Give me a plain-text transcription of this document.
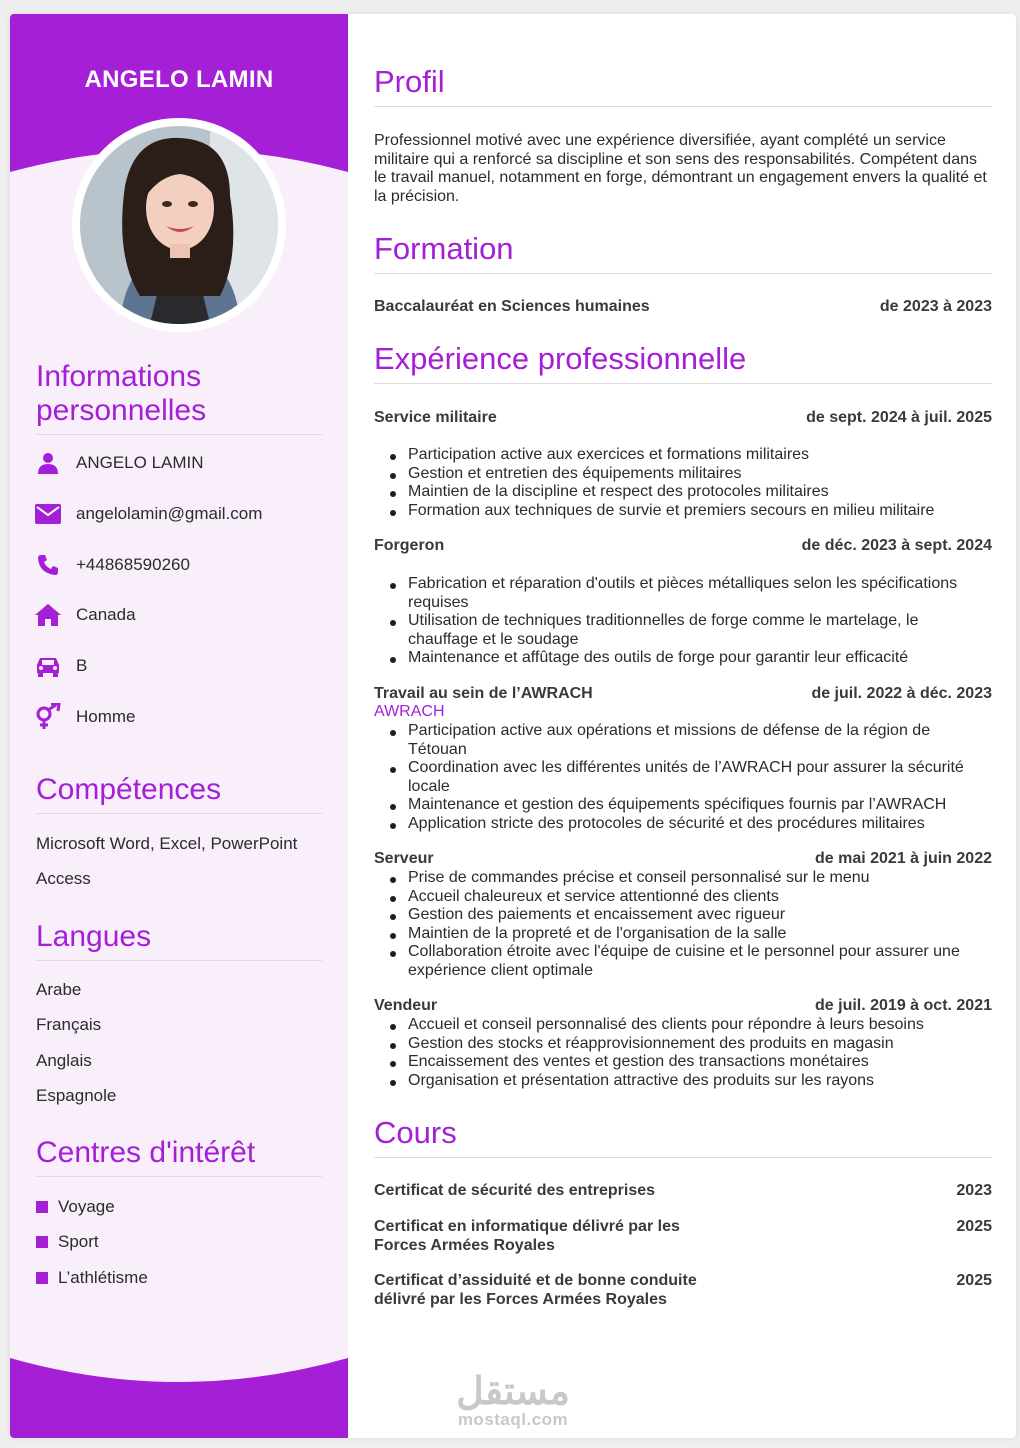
ANGELO LAMIN
Informations
personnelles
ANGELO LAMIN
angelolamin@gmail.com
+44868590260
Canada
B
Homme
Compétences
Microsoft Word, Excel, PowerPoint
Access
Langues
Arabe
Français
Anglais
Espagnole
Centres d'intérêt
Voyage
Sport
L’athlétisme
Profil
Professionnel motivé avec une expérience diversifiée, ayant complété un service militaire qui a renforcé sa discipline et son sens des responsabilités. Compétent dans le travail manuel, notamment en forge, démontrant un engagement envers la qualité et la précision.
Formation
Baccalauréat en Sciences humaines	de 2023 à 2023
Expérience professionnelle
Service militaire	de sept. 2024 à juil. 2025
Participation active aux exercices et formations militaires
Gestion et entretien des équipements militaires
Maintien de la discipline et respect des protocoles militaires
Formation aux techniques de survie et premiers secours en milieu militaire
Forgeron	de déc. 2023 à sept. 2024
Fabrication et réparation d'outils et pièces métalliques selon les spécifications requises
Utilisation de techniques traditionnelles de forge comme le martelage, le chauffage et le soudage
Maintenance et affûtage des outils de forge pour garantir leur efficacité
Travail au sein de l’AWRACH	de juil. 2022 à déc. 2023
AWRACH
Participation active aux opérations et missions de défense de la région de Tétouan
Coordination avec les différentes unités de l’AWRACH pour assurer la sécurité locale
Maintenance et gestion des équipements spécifiques fournis par l’AWRACH
Application stricte des protocoles de sécurité et des procédures militaires
Serveur	de mai 2021 à juin 2022
Prise de commandes précise et conseil personnalisé sur le menu
Accueil chaleureux et service attentionné des clients
Gestion des paiements et encaissement avec rigueur
Maintien de la propreté et de l'organisation de la salle
Collaboration étroite avec l'équipe de cuisine et le personnel pour assurer une expérience client optimale
Vendeur	de juil. 2019 à oct. 2021
Accueil et conseil personnalisé des clients pour répondre à leurs besoins
Gestion des stocks et réapprovisionnement des produits en magasin
Encaissement des ventes et gestion des transactions monétaires
Organisation et présentation attractive des produits sur les rayons
Cours
Certificat de sécurité des entreprises	2023
Certificat en informatique délivré par les Forces Armées Royales
2025
Certificat d’assiduité et de bonne conduite délivré par les Forces Armées Royales
2025
مستقل
mostaql.com
